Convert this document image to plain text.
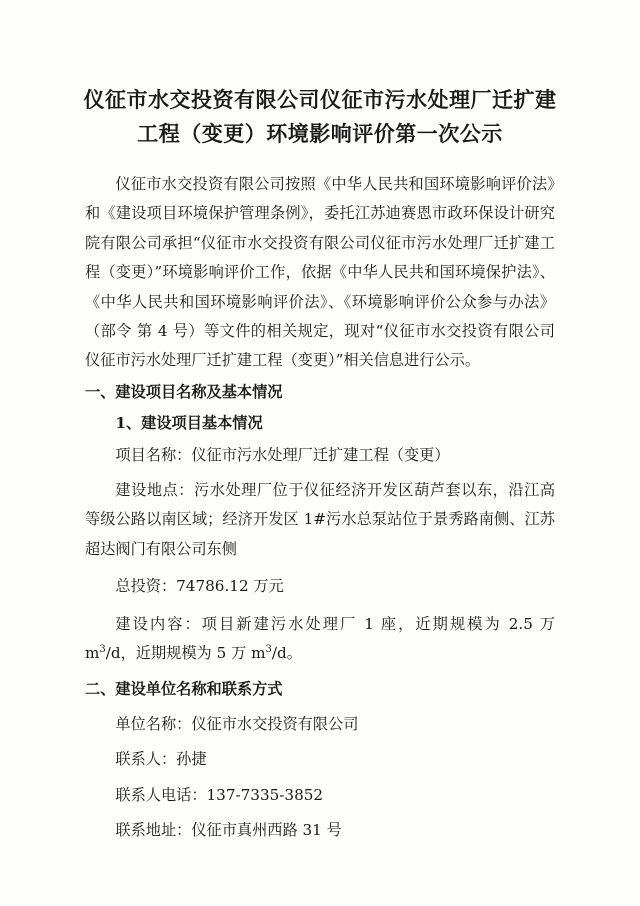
仪征市水交投资有限公司仪征市污水处理厂迁扩建
工程（变更）环境影响评价第一次公示

仪征市水交投资有限公司按照《中华人民共和国环境影响评价法》和《建设项目环境保护管理条例》，委托江苏迪赛恩市政环保设计研究院有限公司承担“仪征市水交投资有限公司仪征市污水处理厂迁扩建工程（变更）”环境影响评价工作，依据《中华人民共和国环境保护法》、《中华人民共和国环境影响评价法》、《环境影响评价公众参与办法》（部令 第 4 号）等文件的相关规定，现对“仪征市水交投资有限公司仪征市污水处理厂迁扩建工程（变更）”相关信息进行公示。

一、建设项目名称及基本情况

1、建设项目基本情况

项目名称：仪征市污水处理厂迁扩建工程（变更）

建设地点：污水处理厂位于仪征经济开发区葫芦套以东，沿江高等级公路以南区域；经济开发区 1#污水总泵站位于景秀路南侧、江苏超达阀门有限公司东侧

总投资：74786.12 万元

建设内容：项目新建污水处理厂 1 座，近期规模为 2.5 万 $m^3/d$，近期规模为 5 万 $m^3/d$。

二、建设单位名称和联系方式

单位名称：仪征市水交投资有限公司

联系人：孙捷

联系人电话：137-7335-3852

联系地址：仪征市真州西路 31 号
